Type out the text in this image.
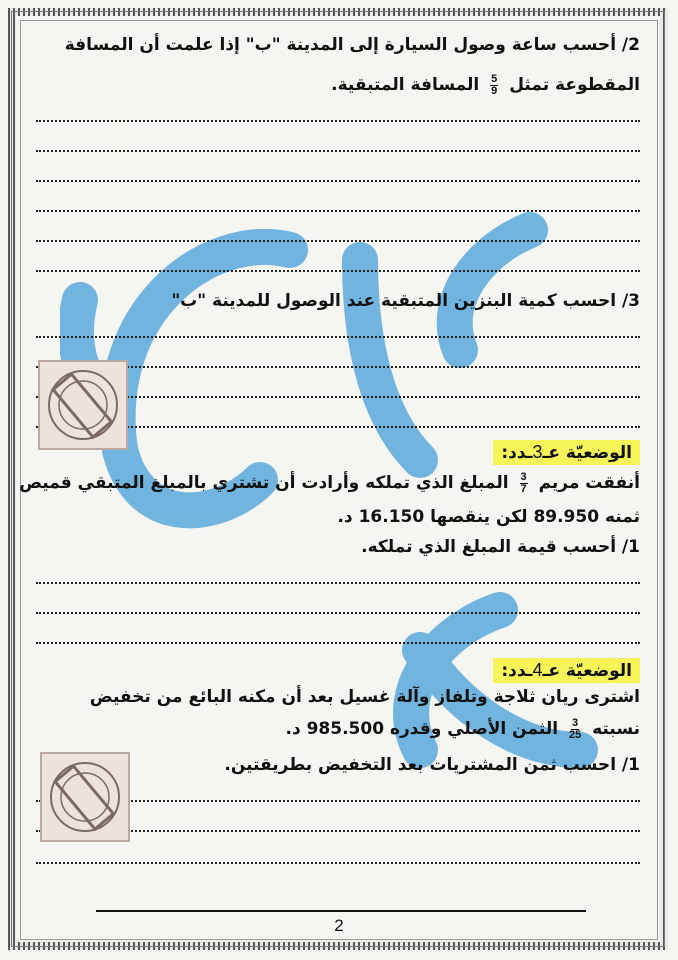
2/ أحسب ساعة وصول السيارة إلى المدينة "ب" إذا علمت أن المسافة
المقطوعة تمثل
$\frac{5}{9}$
المسافة المتبقية.
3/ احسب كمية البنزين المتبقية عند الوصول للمدينة "ب"
الوضعيّة عـ3ـدد:
أنفقت مريم
$\frac{3}{7}$
المبلغ الذي تملكه وأرادت أن تشتري بالمبلغ المتبقي قميص
ثمنه 89.950 لكن ينقصها 16.150 د.
1/ أحسب قيمة المبلغ الذي تملكه.
الوضعيّة عـ4ـدد:
اشترى ريان ثلاجة وتلفاز وآلة غسيل بعد أن مكنه البائع من تخفيض
نسبته
$\frac{3}{25}$
الثمن الأصلي وقدره 985.500 د.
1/ احسب ثمن المشتريات بعد التخفيض بطريقتين.
2
